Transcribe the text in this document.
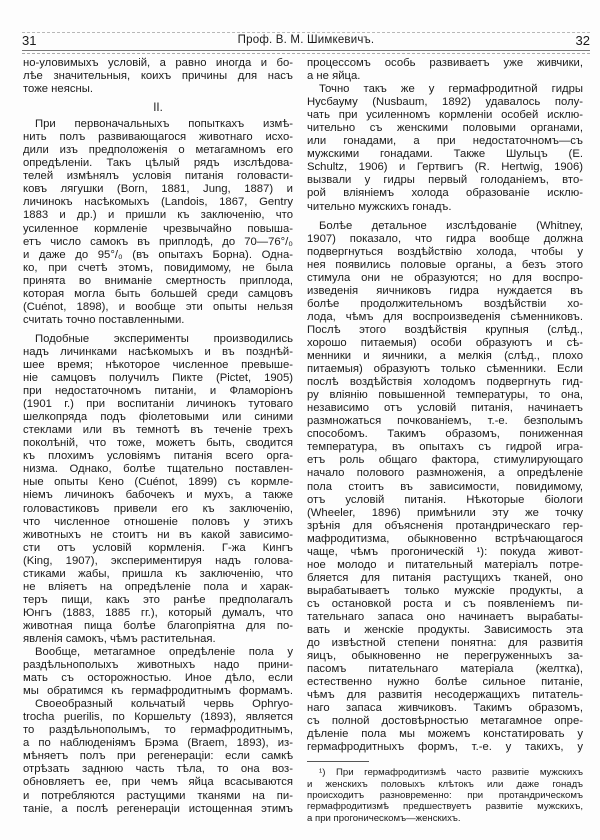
31	Проф. В. М. Шимкевичъ.	32
но-уловимыхъ условій, а равно иногда и бо-
лѣе значительныя, коихъ причины для насъ
тоже неясны.
II.
При первоначальныхъ попыткахъ измѣ-
нить полъ развивающагося животнаго исхо-
дили изъ предположенія о метагамномъ его
опредѣленіи. Такъ цѣлый рядъ изслѣдова-
телей измѣнялъ условія питанія головасти-
ковъ лягушки (Born, 1881, Jung, 1887) и
личинокъ насѣкомыхъ (Landois, 1867, Gentry
1883 и др.) и пришли къ заключенію, что
усиленное кормленіе чрезвычайно повыша-
етъ число самокъ въ приплодѣ, до 70—76°/₀
и даже до 95°/₀ (въ опытахъ Борна). Одна-
ко, при счетѣ этомъ, повидимому, не была
принята во вниманіе смертность приплода,
которая могла быть большей среди самцовъ
(Cuénot, 1898), и вообще эти опыты нельзя
считать точно поставленными.
Подобные эксперименты производились
надъ личинками насѣкомыхъ и въ позднѣй-
шее время; нѣкоторое численное превыше-
ніе самцовъ получилъ Пикте (Pictet, 1905)
при недостаточномъ питаніи, и Фламоріонъ
(1901 г.) при воспитаніи личинокъ тутоваго
шелкопряда подъ фіолетовыми или синими
стеклами или въ темнотѣ въ теченіе трехъ
поколѣній, что тоже, можетъ быть, сводится
къ плохимъ условіямъ питанія всего орга-
низма. Однако, болѣе тщательно поставлен-
ные опыты Кено (Cuénot, 1899) съ кормле-
ніемъ личинокъ бабочекъ и мухъ, а также
головастиковъ привели его къ заключенію,
что численное отношеніе половъ у этихъ
животныхъ не стоитъ ни въ какой зависимо-
сти отъ условій кормленія. Г-жа Кингъ
(King, 1907), экспериментируя надъ голова-
стиками жабы, пришла къ заключенію, что
не вліяетъ на опредѣленіе пола и харак-
теръ пищи, какъ это ранѣе предполагалъ
Юнгъ (1883, 1885 гг.), который думалъ, что
животная пища болѣе благопріятна для по-
явленія самокъ, чѣмъ растительная.
Вообще, метагамное опредѣленіе пола у
раздѣльнополыхъ животныхъ надо прини-
мать съ осторожностью. Иное дѣло, если
мы обратимся къ гермафродитнымъ формамъ.
Своеобразный кольчатый червь Ophryo-
trocha puerilis, по Коршельту (1893), является
то раздѣльнополымъ, то гермафродитнымъ,
а по наблюденіямъ Брэма (Braem, 1893), из-
мѣняетъ полъ при регенераціи: если самкѣ
отрѣзать заднюю часть тѣла, то она воз-
обновляетъ ее, при чемъ яйца всасываются
и потребляются растущими тканями на пи-
таніе, а послѣ регенераціи истощенная этимъ
процессомъ особь развиваетъ уже живчики,
а не яйца.
Точно такъ же у гермафродитной гидры
Нусбауму (Nusbaum, 1892) удавалось полу-
чать при усиленномъ кормленіи особей исклю-
чительно съ женскими половыми органами,
или гонадами, а при недостаточномъ—съ
мужскими гонадами. Также Шульцъ (E.
Schultz, 1906) и Гертвигъ (R. Hertwig, 1906)
вызвали у гидры первый голоданіемъ, вто-
рой вліяніемъ холода образованіе исклю-
чительно мужскихъ гонадъ.
Болѣе детальное изслѣдованіе (Whitney,
1907) показало, что гидра вообще должна
подвергнуться воздѣйствію холода, чтобы у
нея появились половые органы, а безъ этого
стимула они не образуются; но для воспро-
изведенія яичниковъ гидра нуждается въ
болѣе продолжительномъ воздѣйствіи хо-
лода, чѣмъ для воспроизведенія сѣменниковъ.
Послѣ этого воздѣйствія крупныя (слѣд.,
хорошо питаемыя) особи образуютъ и сѣ-
менники и яичники, а мелкія (слѣд., плохо
питаемыя) образуютъ только сѣменники. Если
послѣ воздѣйствія холодомъ подвергнуть гид-
ру вліянію повышенной температуры, то она,
независимо отъ условій питанія, начинаетъ
размножаться почкованіемъ, т.-е. безполымъ
способомъ. Такимъ образомъ, пониженная
температура, въ опытахъ съ гидрой игра-
етъ роль общаго фактора, стимулирующаго
начало полового размноженія, а опредѣленіе
пола стоитъ въ зависимости, повидимому,
отъ условій питанія. Нѣкоторые біологи
(Wheeler, 1896) примѣнили эту же точку
зрѣнія для объясненія протандрическаго гер-
мафродитизма, обыкновенно встрѣчающагося
чаще, чѣмъ прогоническій ¹): покуда живот-
ное молодо и питательный матеріалъ потре-
бляется для питанія растущихъ тканей, оно
вырабатываетъ только мужскіе продукты, а
съ остановкой роста и съ появленіемъ пи-
тательнаго запаса оно начинаетъ вырабаты-
вать и женскіе продукты. Зависимость эта
до извѣстной степени понятна: для развитія
яицъ, обыкновенно не перегруженныхъ за-
пасомъ питательнаго матеріала (желтка),
естественно нужно болѣе сильное питаніе,
чѣмъ для развитія несодержащихъ питатель-
наго запаса живчиковъ. Такимъ образомъ,
съ полной достовѣрностью метагамное опре-
дѣленіе пола мы можемъ констатировать у
гермафродитныхъ формъ, т.-е. у такихъ, у
¹) При гермафродитизмѣ часто развитіе мужскихъ
и женскихъ половыхъ клѣтокъ или даже гонадъ
происходитъ разновременно: при протандрическомъ
гермафродитизмѣ предшествуетъ развитіе мужскихъ,
а при прогоническомъ—женскихъ.
